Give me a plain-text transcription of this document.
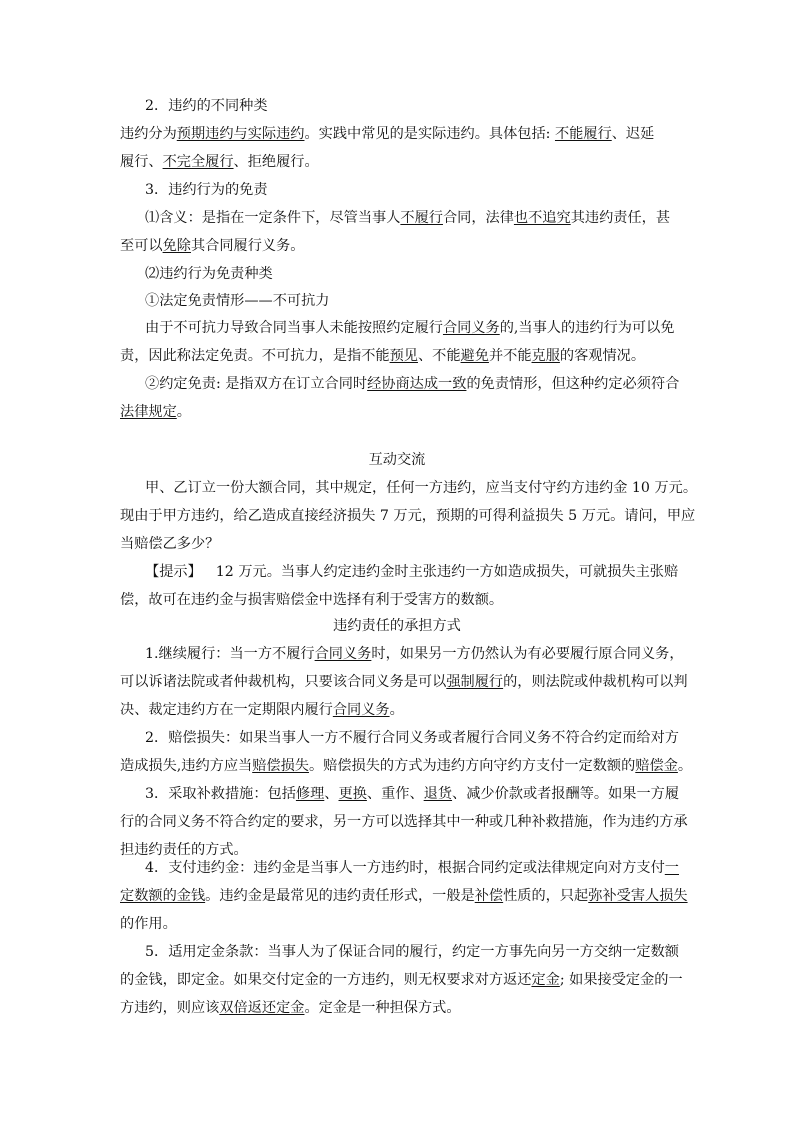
2．违约的不同种类
违约分为预期违约与实际违约。实践中常见的是实际违约。具体包括: 不能履行、迟延
履行、不完全履行、拒绝履行。
3．违约行为的免责
⑴含义：是指在一定条件下，尽管当事人不履行合同，法律也不追究其违约责任，甚
至可以免除其合同履行义务。
⑵违约行为免责种类
①法定免责情形——不可抗力
由于不可抗力导致合同当事人未能按照约定履行合同义务的,当事人的违约行为可以免
责，因此称法定免责。不可抗力，是指不能预见、不能避免并不能克服的客观情况。
②约定免责: 是指双方在订立合同时经协商达成一致的免责情形，但这种约定必须符合
法律规定。
互动交流
甲、乙订立一份大额合同，其中规定，任何一方违约，应当支付守约方违约金 10 万元。
现由于甲方违约，给乙造成直接经济损失 7 万元，预期的可得利益损失 5 万元。请问，甲应
当赔偿乙多少？
【提示】 12 万元。当事人约定违约金时主张违约一方如造成损失，可就损失主张赔
偿，故可在违约金与损害赔偿金中选择有利于受害方的数额。
违约责任的承担方式
1.继续履行：当一方不履行合同义务时，如果另一方仍然认为有必要履行原合同义务，
可以诉诸法院或者仲裁机构，只要该合同义务是可以强制履行的，则法院或仲裁机构可以判
决、裁定违约方在一定期限内履行合同义务。
2．赔偿损失：如果当事人一方不履行合同义务或者履行合同义务不符合约定而给对方
造成损失,违约方应当赔偿损失。赔偿损失的方式为违约方向守约方支付一定数额的赔偿金。
3．采取补救措施：包括修理、更换、重作、退货、减少价款或者报酬等。如果一方履
行的合同义务不符合约定的要求，另一方可以选择其中一种或几种补救措施，作为违约方承
担违约责任的方式。
4．支付违约金：违约金是当事人一方违约时，根据合同约定或法律规定向对方支付一
定数额的金钱。违约金是最常见的违约责任形式，一般是补偿性质的，只起弥补受害人损失
的作用。
5．适用定金条款：当事人为了保证合同的履行，约定一方事先向另一方交纳一定数额
的金钱，即定金。如果交付定金的一方违约，则无权要求对方返还定金; 如果接受定金的一
方违约，则应该双倍返还定金。定金是一种担保方式。
